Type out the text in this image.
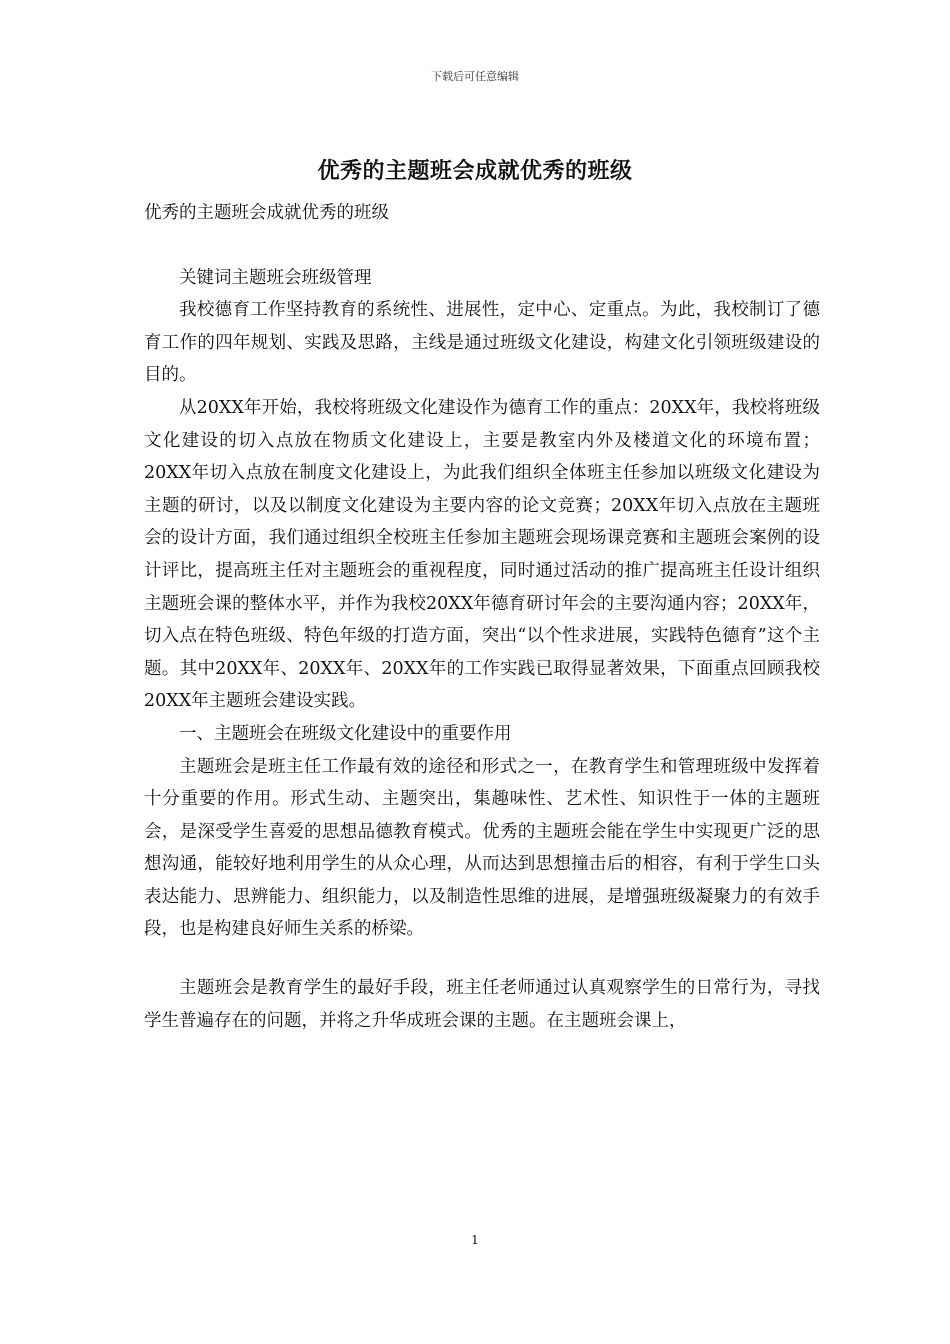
下载后可任意编辑
优秀的主题班会成就优秀的班级

优秀的主题班会成就优秀的班级

关键词主题班会班级管理

我校德育工作坚持教育的系统性、进展性，定中心、定重点。为此，我校制订了德育工作的四年规划、实践及思路，主线是通过班级文化建设，构建文化引领班级建设的目的。

从20XX年开始，我校将班级文化建设作为德育工作的重点：20XX年，我校将班级文化建设的切入点放在物质文化建设上，主要是教室内外及楼道文化的环境布置；20XX年切入点放在制度文化建设上，为此我们组织全体班主任参加以班级文化建设为主题的研讨，以及以制度文化建设为主要内容的论文竞赛；20XX年切入点放在主题班会的设计方面，我们通过组织全校班主任参加主题班会现场课竞赛和主题班会案例的设计评比，提高班主任对主题班会的重视程度，同时通过活动的推广提高班主任设计组织主题班会课的整体水平，并作为我校20XX年德育研讨年会的主要沟通内容；20XX年，切入点在特色班级、特色年级的打造方面，突出“以个性求进展，实践特色德育”这个主题。其中20XX年、20XX年、20XX年的工作实践已取得显著效果，下面重点回顾我校20XX年主题班会建设实践。

一、主题班会在班级文化建设中的重要作用

主题班会是班主任工作最有效的途径和形式之一，在教育学生和管理班级中发挥着十分重要的作用。形式生动、主题突出，集趣味性、艺术性、知识性于一体的主题班会，是深受学生喜爱的思想品德教育模式。优秀的主题班会能在学生中实现更广泛的思想沟通，能较好地利用学生的从众心理，从而达到思想撞击后的相容，有利于学生口头表达能力、思辨能力、组织能力，以及制造性思维的进展，是增强班级凝聚力的有效手段，也是构建良好师生关系的桥梁。

主题班会是教育学生的最好手段，班主任老师通过认真观察学生的日常行为，寻找学生普遍存在的问题，并将之升华成班会课的主题。在主题班会课上，

1
